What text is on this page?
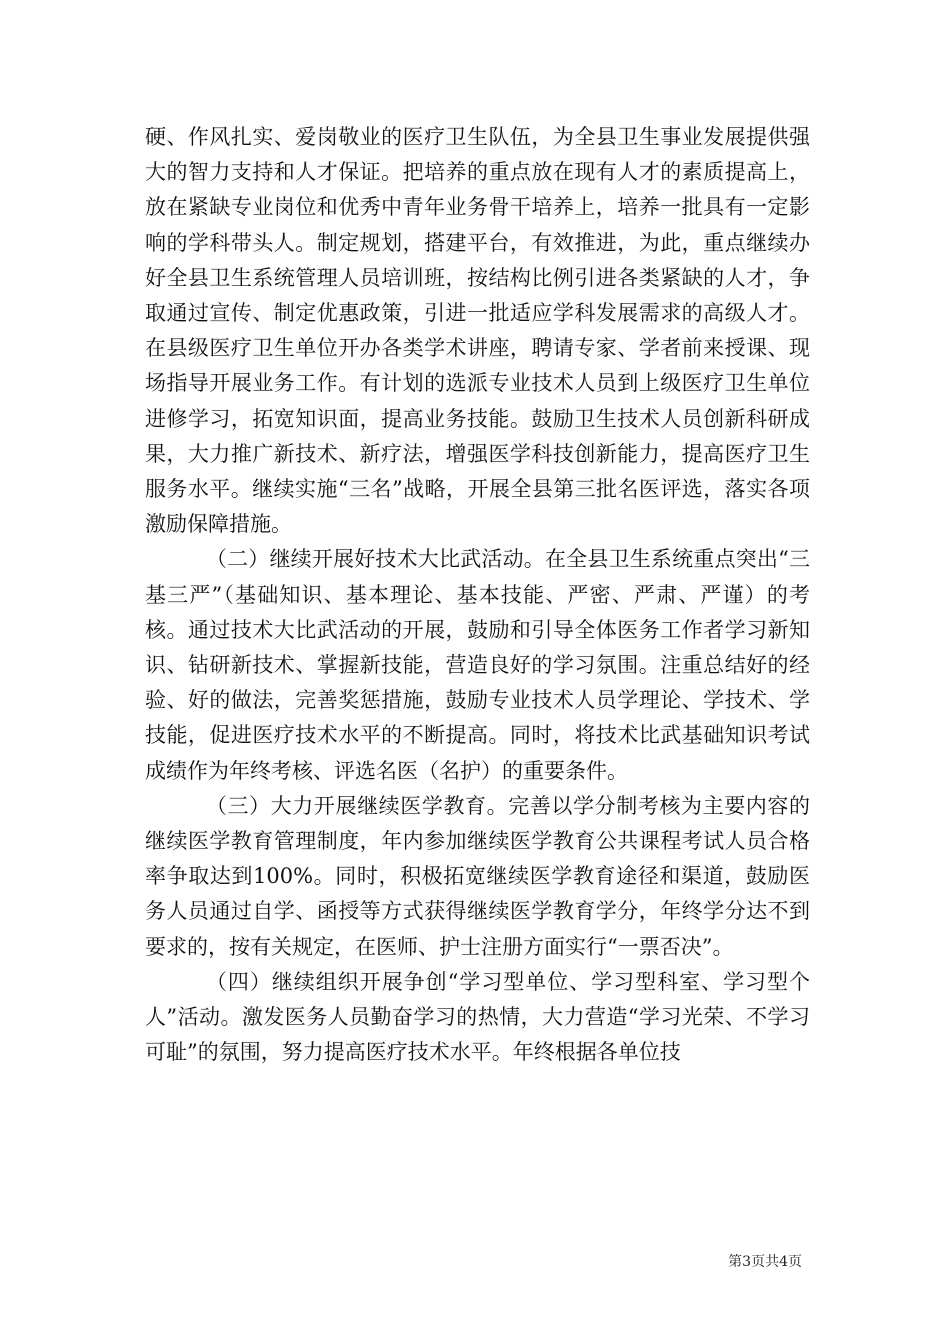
硬、作风扎实、爱岗敬业的医疗卫生队伍，为全县卫生事业发展提供强大的智力支持和人才保证。把培养的重点放在现有人才的素质提高上，放在紧缺专业岗位和优秀中青年业务骨干培养上，培养一批具有一定影响的学科带头人。制定规划，搭建平台，有效推进，为此，重点继续办好全县卫生系统管理人员培训班，按结构比例引进各类紧缺的人才，争取通过宣传、制定优惠政策，引进一批适应学科发展需求的高级人才。在县级医疗卫生单位开办各类学术讲座，聘请专家、学者前来授课、现场指导开展业务工作。有计划的选派专业技术人员到上级医疗卫生单位进修学习，拓宽知识面，提高业务技能。鼓励卫生技术人员创新科研成果，大力推广新技术、新疗法，增强医学科技创新能力，提高医疗卫生服务水平。继续实施“三名”战略，开展全县第三批名医评选，落实各项激励保障措施。

（二）继续开展好技术大比武活动。在全县卫生系统重点突出“三基三严”（基础知识、基本理论、基本技能、严密、严肃、严谨）的考核。通过技术大比武活动的开展，鼓励和引导全体医务工作者学习新知识、钻研新技术、掌握新技能，营造良好的学习氛围。注重总结好的经验、好的做法，完善奖惩措施，鼓励专业技术人员学理论、学技术、学技能，促进医疗技术水平的不断提高。同时，将技术比武基础知识考试成绩作为年终考核、评选名医（名护）的重要条件。

（三）大力开展继续医学教育。完善以学分制考核为主要内容的继续医学教育管理制度，年内参加继续医学教育公共课程考试人员合格率争取达到100%。同时，积极拓宽继续医学教育途径和渠道，鼓励医务人员通过自学、函授等方式获得继续医学教育学分，年终学分达不到要求的，按有关规定，在医师、护士注册方面实行“一票否决”。

（四）继续组织开展争创“学习型单位、学习型科室、学习型个人”活动。激发医务人员勤奋学习的热情，大力营造“学习光荣、不学习可耻”的氛围，努力提高医疗技术水平。年终根据各单位技

第3页共4页
